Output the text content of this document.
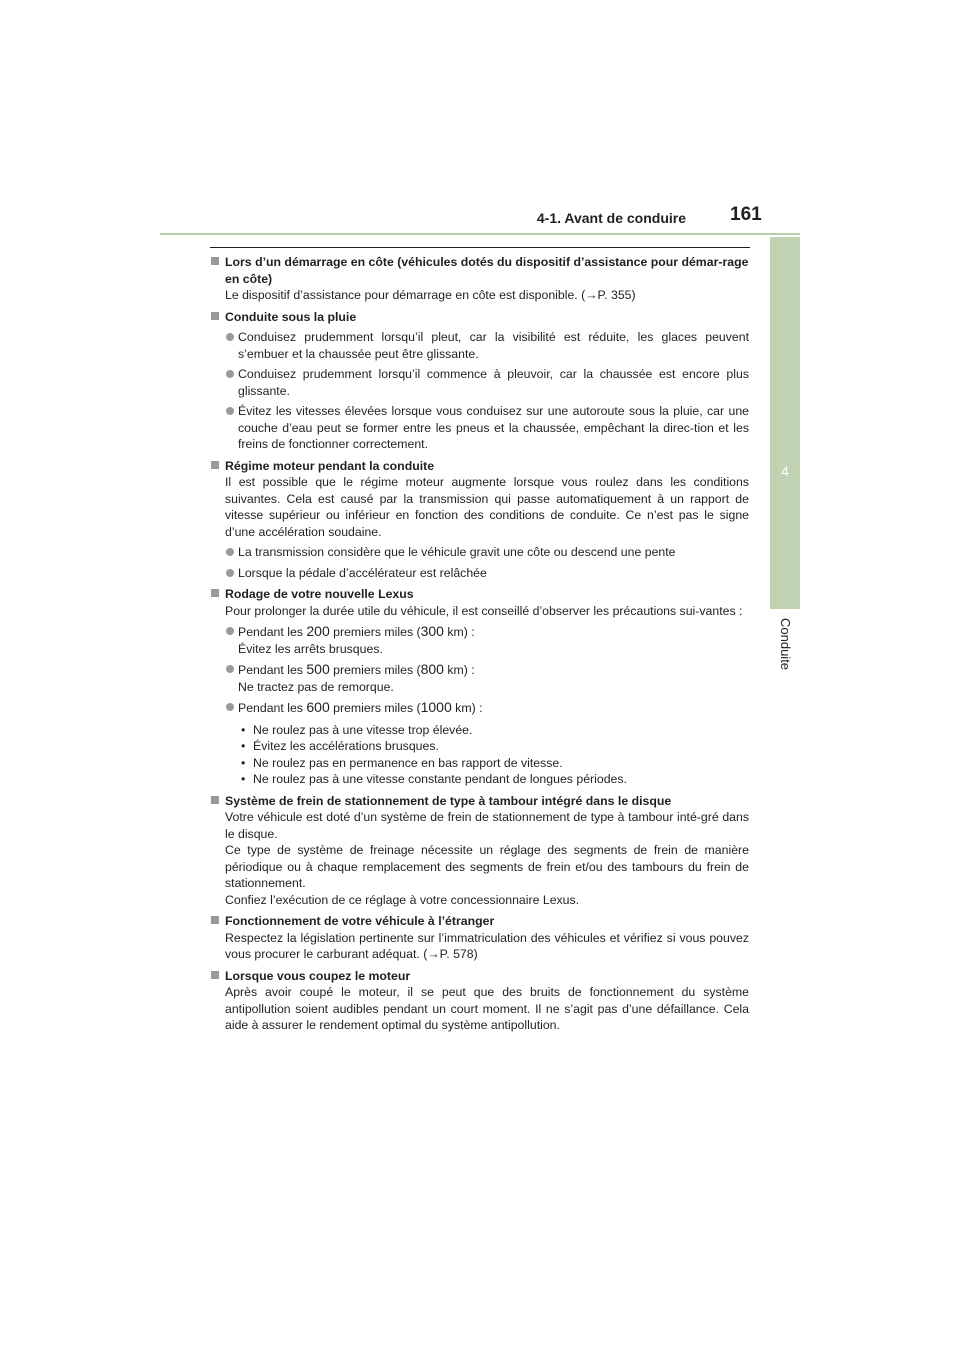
4-1. Avant de conduire 161
4
Conduite

Lors d’un démarrage en côte (véhicules dotés du dispositif d’assistance pour démar-rage en côte)

Le dispositif d’assistance pour démarrage en côte est disponible. (→P. 355)

Conduite sous la pluie

Conduisez prudemment lorsqu’il pleut, car la visibilité est réduite, les glaces peuvent s’embuer et la chaussée peut être glissante.

Conduisez prudemment lorsqu’il commence à pleuvoir, car la chaussée est encore plus glissante.

Évitez les vitesses élevées lorsque vous conduisez sur une autoroute sous la pluie, car une couche d’eau peut se former entre les pneus et la chaussée, empêchant la direc-tion et les freins de fonctionner correctement.

Régime moteur pendant la conduite

Il est possible que le régime moteur augmente lorsque vous roulez dans les conditions suivantes. Cela est causé par la transmission qui passe automatiquement à un rapport de vitesse supérieur ou inférieur en fonction des conditions de conduite. Ce n’est pas le signe d’une accélération soudaine.

La transmission considère que le véhicule gravit une côte ou descend une pente

Lorsque la pédale d’accélérateur est relâchée

Rodage de votre nouvelle Lexus

Pour prolonger la durée utile du véhicule, il est conseillé d’observer les précautions sui-vantes :

Pendant les 200 premiers miles (300 km) :
Évitez les arrêts brusques.

Pendant les 500 premiers miles (800 km) :
Ne tractez pas de remorque.

Pendant les 600 premiers miles (1000 km) :

• Ne roulez pas à une vitesse trop élevée.

• Évitez les accélérations brusques.

• Ne roulez pas en permanence en bas rapport de vitesse.

• Ne roulez pas à une vitesse constante pendant de longues périodes.

Système de frein de stationnement de type à tambour intégré dans le disque

Votre véhicule est doté d’un système de frein de stationnement de type à tambour inté-gré dans le disque.

Ce type de système de freinage nécessite un réglage des segments de frein de manière périodique ou à chaque remplacement des segments de frein et/ou des tambours du frein de stationnement.

Confiez l’exécution de ce réglage à votre concessionnaire Lexus.

Fonctionnement de votre véhicule à l’étranger

Respectez la législation pertinente sur l’immatriculation des véhicules et vérifiez si vous pouvez vous procurer le carburant adéquat. (→P. 578)

Lorsque vous coupez le moteur

Après avoir coupé le moteur, il se peut que des bruits de fonctionnement du système antipollution soient audibles pendant un court moment. Il ne s’agit pas d’une défaillance. Cela aide à assurer le rendement optimal du système antipollution.
